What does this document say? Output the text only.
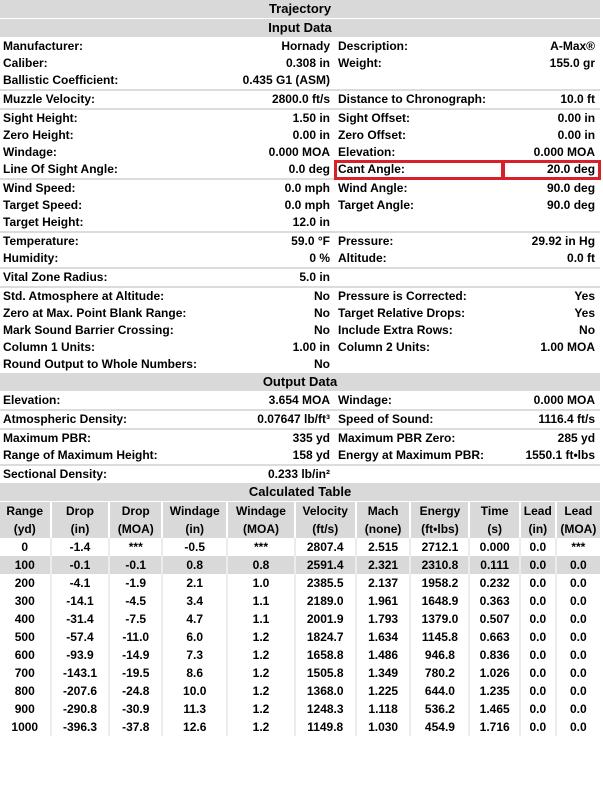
Trajectory			
Input Data			
Manufacturer:	Hornady	Description:	A-Max®
Caliber:	0.308 in	Weight:	155.0 gr
Ballistic Coefficient:	0.435 G1 (ASM)		
Muzzle Velocity:	2800.0 ft/s	Distance to Chronograph:	10.0 ft
Sight Height:	1.50 in	Sight Offset:	0.00 in
Zero Height:	0.00 in	Zero Offset:	0.00 in
Windage:	0.000 MOA	Elevation:	0.000 MOA
Line Of Sight Angle:	0.0 deg	Cant Angle:	20.0 deg
Wind Speed:	0.0 mph	Wind Angle:	90.0 deg
Target Speed:	0.0 mph	Target Angle:	90.0 deg
Target Height:	12.0 in		
Temperature:	59.0 °F	Pressure:	29.92 in Hg
Humidity:	0 %	Altitude:	0.0 ft
Vital Zone Radius:	5.0 in		
Std. Atmosphere at Altitude:	No	Pressure is Corrected:	Yes
Zero at Max. Point Blank Range:	No	Target Relative Drops:	Yes
Mark Sound Barrier Crossing:	No	Include Extra Rows:	No
Column 1 Units:	1.00 in	Column 2 Units:	1.00 MOA
Round Output to Whole Numbers:	No		
Output Data			
Elevation:	3.654 MOA	Windage:	0.000 MOA
Atmospheric Density:	0.07647 lb/ft³	Speed of Sound:	1116.4 ft/s
Maximum PBR:	335 yd	Maximum PBR Zero:	285 yd
Range of Maximum Height:	158 yd	Energy at Maximum PBR:	1550.1 ft•lbs
Sectional Density:	0.233 lb/in²		
Calculated Table			
Range	Drop	Drop	Windage	Windage	Velocity	Mach	Energy	Time	Lead	Lead
(yd)	(in)	(MOA)	(in)	(MOA)	(ft/s)	(none)	(ft•lbs)	(s)	(in)	(MOA)
0	-1.4	***	-0.5	***	2807.4	2.515	2712.1	0.000	0.0	***
100	-0.1	-0.1	0.8	0.8	2591.4	2.321	2310.8	0.111	0.0	0.0
200	-4.1	-1.9	2.1	1.0	2385.5	2.137	1958.2	0.232	0.0	0.0
300	-14.1	-4.5	3.4	1.1	2189.0	1.961	1648.9	0.363	0.0	0.0
400	-31.4	-7.5	4.7	1.1	2001.9	1.793	1379.0	0.507	0.0	0.0
500	-57.4	-11.0	6.0	1.2	1824.7	1.634	1145.8	0.663	0.0	0.0
600	-93.9	-14.9	7.3	1.2	1658.8	1.486	946.8	0.836	0.0	0.0
700	-143.1	-19.5	8.6	1.2	1505.8	1.349	780.2	1.026	0.0	0.0
800	-207.6	-24.8	10.0	1.2	1368.0	1.225	644.0	1.235	0.0	0.0
900	-290.8	-30.9	11.3	1.2	1248.3	1.118	536.2	1.465	0.0	0.0
1000	-396.3	-37.8	12.6	1.2	1149.8	1.030	454.9	1.716	0.0	0.0
